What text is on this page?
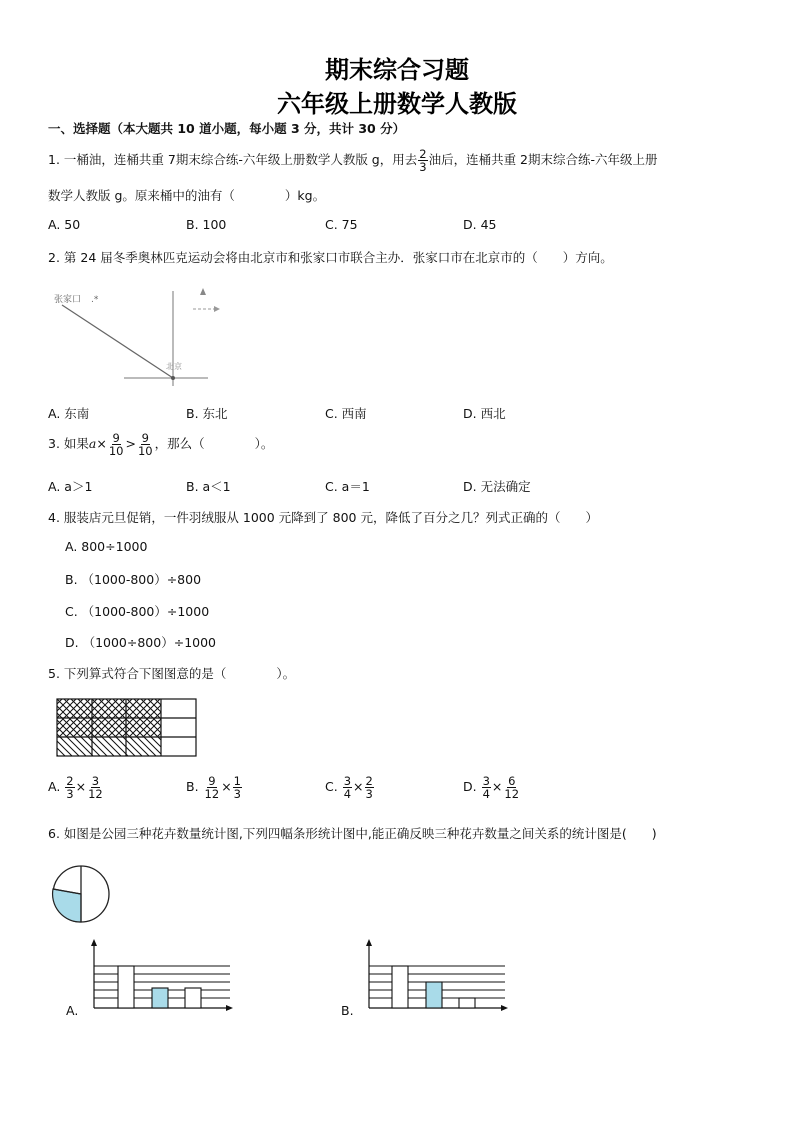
期末综合习题
六年级上册数学人教版
一、选择题（本大题共 10 道小题，每小题 3 分，共计 30 分）
1. 一桶油，连桶共重 7期末综合练-六年级上册数学人教版 g，用去 $\frac{2}{3}$ 油后，连桶共重 2期末综合练-六年级上册
数学人教版 g。原来桶中的油有（　　　　）kg。
A. 50	B. 100	C. 75	D. 45
2. 第 24 届冬季奥林匹克运动会将由北京市和张家口市联合主办．张家口市在北京市的（　　）方向。
张家口 .*
北京
A. 东南	B. 东北	C. 西南	D. 西北
3. 如果$a\times \frac{9}{10} > \frac{9}{10}$ ，那么（　　　　）。
A. a＞1	B. a＜1	C. a＝1	D. 无法确定
4. 服装店元旦促销，一件羽绒服从 1000 元降到了 800 元，降低了百分之几？列式正确的（　　）
A. 800÷1000
B. （1000-800）÷800
C. （1000-800）÷1000
D. （1000÷800）÷1000
5. 下列算式符合下图图意的是（　　　　）。
A. $\frac{2}{3} \times \frac{3}{12}$	B. $\frac{9}{12} \times \frac{1}{3}$	C. $\frac{3}{4} \times \frac{2}{3}$	D. $\frac{3}{4} \times \frac{6}{12}$
6. 如图是公园三种花卉数量统计图,下列四幅条形统计图中,能正确反映三种花卉数量之间关系的统计图是(　　)
A.	B.
